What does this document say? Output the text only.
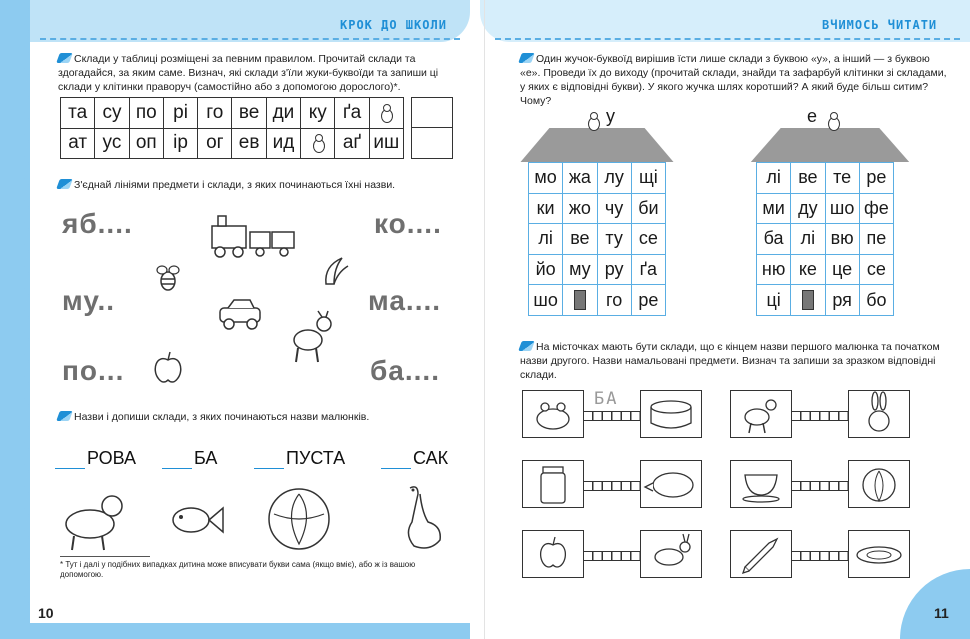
КРОК ДО ШКОЛИ	ВЧИМОСЬ ЧИТАТИ
Склади у таблиці розміщені за певним правилом. Прочитай склади та здогадайся, за яким саме. Визнач, які склади з'їли жуки-буквоїди та запиши ці склади у клітинки праворуч (самостійно або з допомогою дорослого)*.
та су по рі го ве ди ку ґа
ат ус оп ір ог ев ид	аґ иш
З'єднай лініями предмети і склади, з яких починаються їхні назви.
яб....	ко....
му..	ма....
по...	ба....
Назви і допиши склади, з яких починаються назви малюнків.
РОВА	БА	ПУСТА	САК
* Тут і далі у подібних випадках дитина може вписувати букви сама (якщо вміє), або ж із вашою допомогою.
10
Один жучок-буквоїд вирішив їсти лише склади з буквою «у», а інший — з буквою «е». Проведи їх до виходу (прочитай склади, знайди та зафарбуй клітинки зі складами, у яких є відповідні букви). У якого жучка шлях коротший? А який буде більш ситим? Чому?
у
мо жа лу щі
ки жо чу би
лі ве ту се
йо му ру ґа
шо	го ре
е
лі ве те ре
ми ду шо фе
ба лі вю пе
ню ке це се
ці	ря бо
На місточках мають бути склади, що є кінцем назви першого малюнка та початком назви другого. Назви намальовані предмети. Визнач та запиши за зразком відповідні склади.
БА
11
